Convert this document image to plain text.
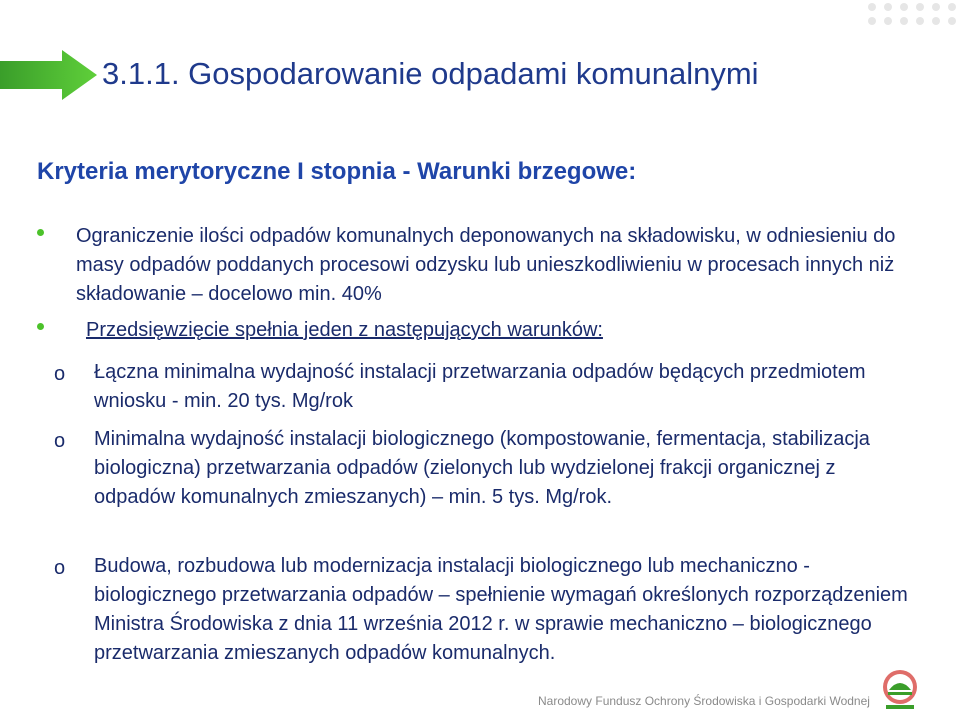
3.1.1. Gospodarowanie odpadami komunalnymi
Kryteria merytoryczne I stopnia - Warunki brzegowe:
Ograniczenie ilości odpadów komunalnych deponowanych na składowisku, w odniesieniu do masy odpadów poddanych procesowi odzysku lub unieszkodliwieniu w procesach innych niż składowanie – docelowo min. 40%
Przedsięwzięcie spełnia jeden z następujących warunków:
o Łączna minimalna wydajność instalacji przetwarzania odpadów będących przedmiotem wniosku - min. 20 tys. Mg/rok
o Minimalna wydajność instalacji biologicznego (kompostowanie, fermentacja, stabilizacja biologiczna) przetwarzania odpadów (zielonych lub wydzielonej frakcji organicznej z odpadów komunalnych zmieszanych) – min. 5 tys. Mg/rok.
o Budowa, rozbudowa lub modernizacja instalacji biologicznego lub mechaniczno - biologicznego przetwarzania odpadów – spełnienie wymagań określonych rozporządzeniem Ministra Środowiska z dnia 11 września 2012 r. w sprawie mechaniczno – biologicznego przetwarzania zmieszanych odpadów komunalnych.
Narodowy Fundusz Ochrony Środowiska i Gospodarki Wodnej
